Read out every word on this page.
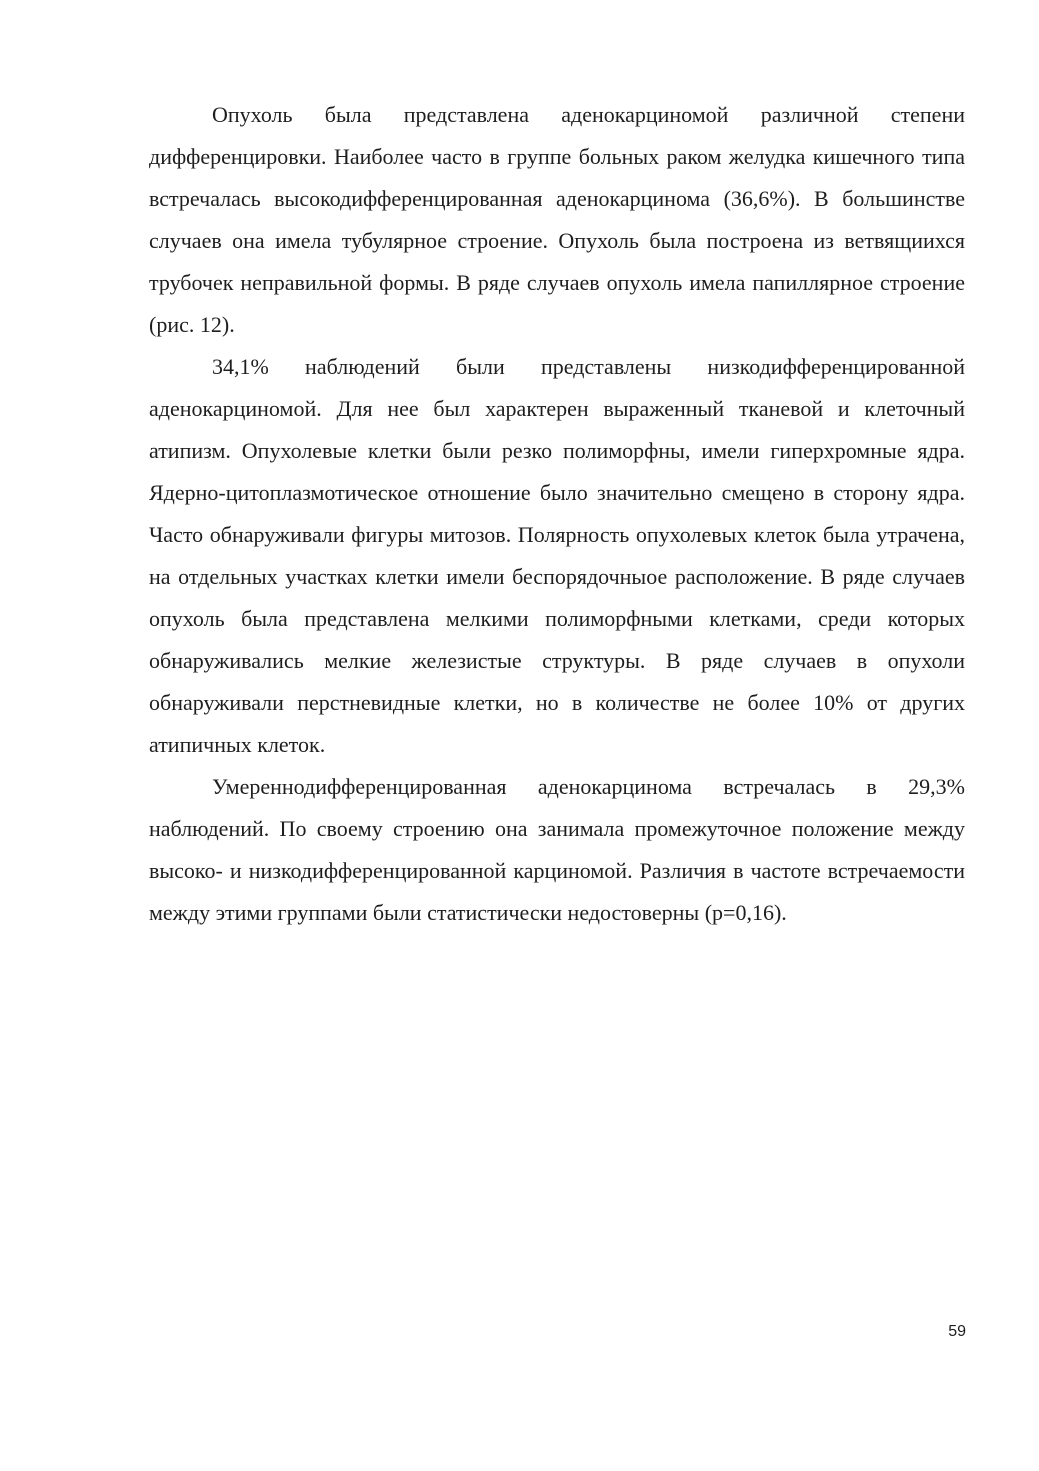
Опухоль была представлена аденокарциномой различной степени дифференцировки. Наиболее часто в группе больных раком желудка кишечного типа встречалась высокодифференцированная аденокарцинома (36,6%). В большинстве случаев она имела тубулярное строение. Опухоль была построена из ветвящиихся трубочек неправильной формы. В ряде случаев опухоль имела папиллярное строение (рис. 12).

34,1% наблюдений были представлены низкодифференцированной аденокарциномой. Для нее был характерен выраженный тканевой и клеточный атипизм. Опухолевые клетки были резко полиморфны, имели гиперхромные ядра. Ядерно-цитоплазмотическое отношение было значительно смещено в сторону ядра. Часто обнаруживали фигуры митозов. Полярность опухолевых клеток была утрачена, на отдельных участках клетки имели беспорядочныое расположение. В ряде случаев опухоль была представлена мелкими полиморфными клетками, среди которых обнаруживались мелкие железистые структуры. В ряде случаев в опухоли обнаруживали перстневидные клетки, но в количестве не более 10% от других атипичных клеток.

Умереннодифференцированная аденокарцинома встречалась в 29,3% наблюдений. По своему строению она занимала промежуточное положение между высоко- и низкодифференцированной карциномой. Различия в частоте встречаемости между этими группами были статистически недостоверны (р=0,16).

59
